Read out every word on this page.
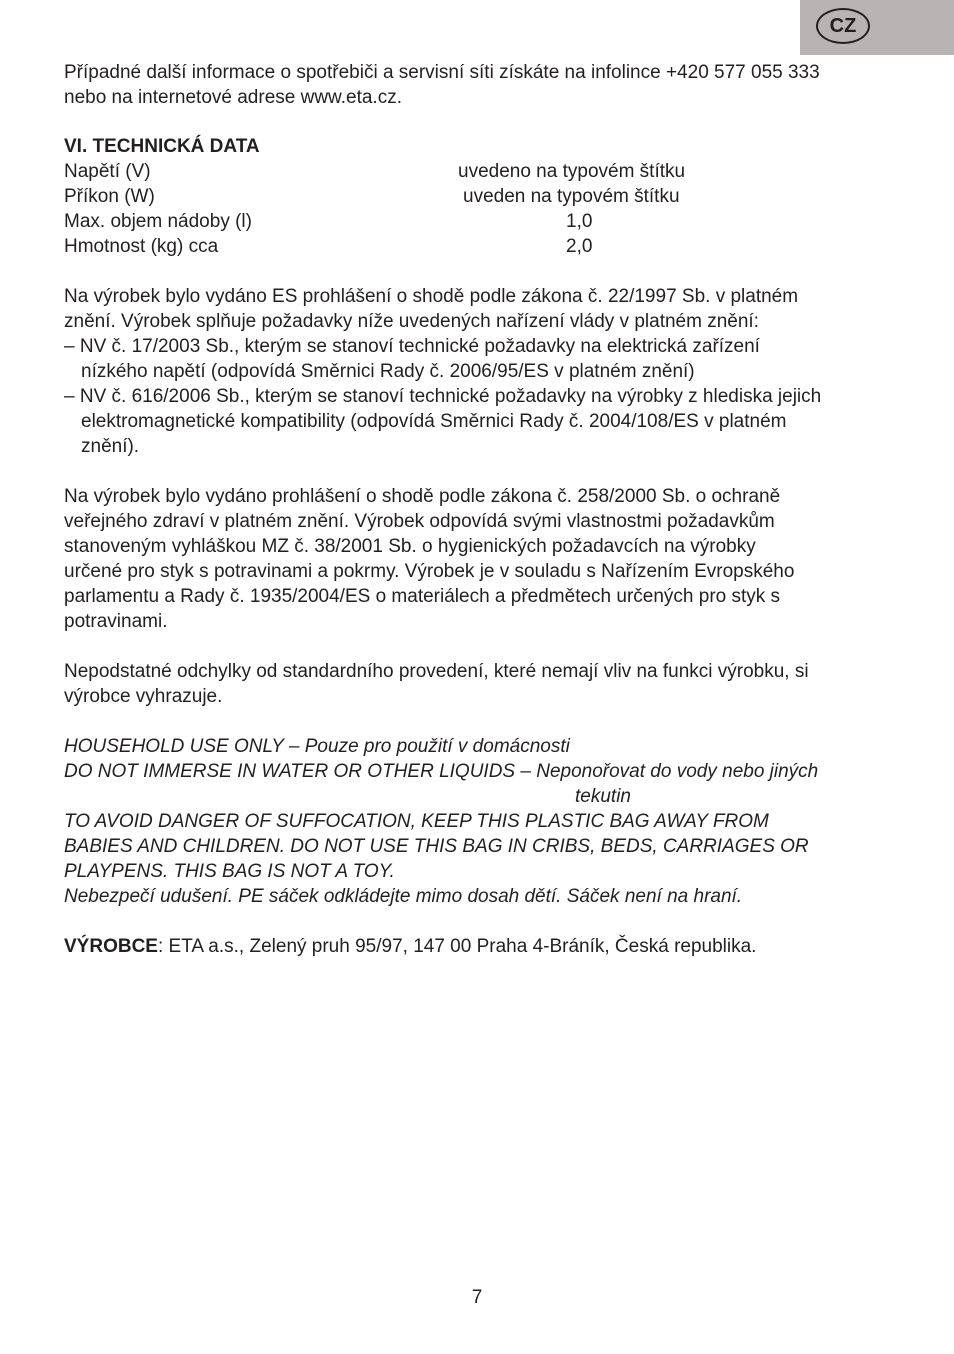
CZ
Případné další informace o spotřebiči a servisní síti získáte na infolince +420 577 055 333
nebo na internetové adrese www.eta.cz.
VI. TECHNICKÁ DATA
Napětí (V)	uvedeno na typovém štítku
Příkon (W)	uveden na typovém štítku
Max. objem nádoby (l)	1,0
Hmotnost (kg) cca	2,0
Na výrobek bylo vydáno ES prohlášení o shodě podle zákona č. 22/1997 Sb. v platném
znění. Výrobek splňuje požadavky níže uvedených nařízení vlády v platném znění:
– NV č. 17/2003 Sb., kterým se stanoví technické požadavky na elektrická zařízení
nízkého napětí (odpovídá Směrnici Rady č. 2006/95/ES v platném znění)
– NV č. 616/2006 Sb., kterým se stanoví technické požadavky na výrobky z hlediska jejich
elektromagnetické kompatibility (odpovídá Směrnici Rady č. 2004/108/ES v platném
znění).
Na výrobek bylo vydáno prohlášení o shodě podle zákona č. 258/2000 Sb. o ochraně
veřejného zdraví v platném znění. Výrobek odpovídá svými vlastnostmi požadavkům
stanoveným vyhláškou MZ č. 38/2001 Sb. o hygienických požadavcích na výrobky
určené pro styk s potravinami a pokrmy. Výrobek je v souladu s Nařízením Evropského
parlamentu a Rady č. 1935/2004/ES o materiálech a předmětech určených pro styk s
potravinami.
Nepodstatné odchylky od standardního provedení, které nemají vliv na funkci výrobku, si
výrobce vyhrazuje.
HOUSEHOLD USE ONLY – Pouze pro použití v domácnosti
DO NOT IMMERSE IN WATER OR OTHER LIQUIDS – Neponořovat do vody nebo jiných
tekutin
TO AVOID DANGER OF SUFFOCATION, KEEP THIS PLASTIC BAG AWAY FROM
BABIES AND CHILDREN. DO NOT USE THIS BAG IN CRIBS, BEDS, CARRIAGES OR
PLAYPENS. THIS BAG IS NOT A TOY.
Nebezpečí udušení. PE sáček odkládejte mimo dosah dětí. Sáček není na hraní.
VÝROBCE: ETA a.s., Zelený pruh 95/97, 147 00 Praha 4-Bráník, Česká republika.
7
